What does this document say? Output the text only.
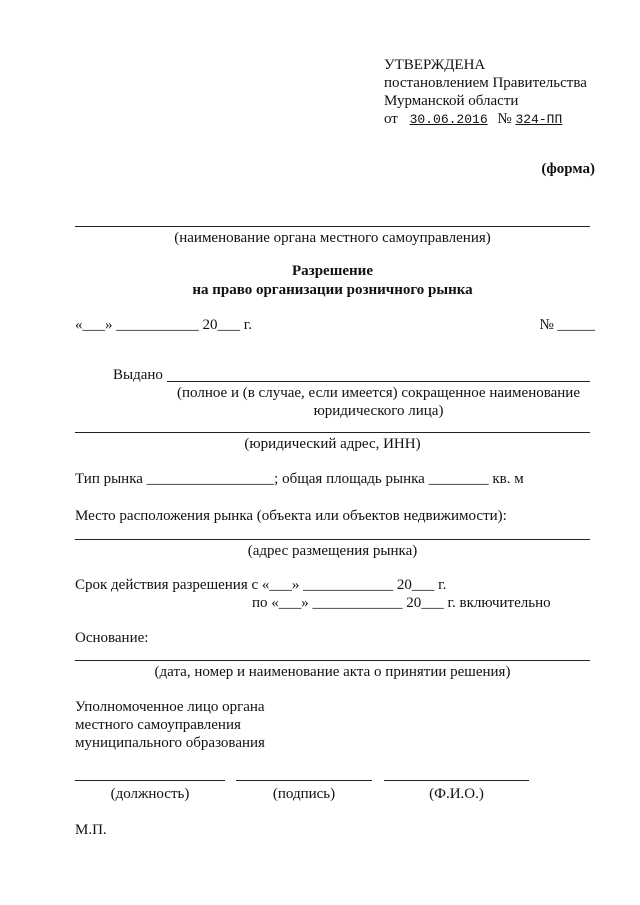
УТВЕРЖДЕНА
постановлением Правительства
Мурманской области
от 30.06.2016 № 324-ПП
(форма)
(наименование органа местного самоуправления)
Разрешение
на право организации розничного рынка
«___» ___________ 20___ г.	№ _____
Выдано
(полное и (в случае, если имеется) сокращенное наименование
юридического лица)
(юридический адрес, ИНН)
Тип рынка _________________; общая площадь рынка ________ кв. м
Место расположения рынка (объекта или объектов недвижимости):
(адрес размещения рынка)
Срок действия разрешения с «___» ____________ 20___ г.
по «___» ____________ 20___ г. включительно
Основание:
(дата, номер и наименование акта о принятии решения)
Уполномоченное лицо органа
местного самоуправления
муниципального образования
(должность)	(подпись)	(Ф.И.О.)
М.П.
